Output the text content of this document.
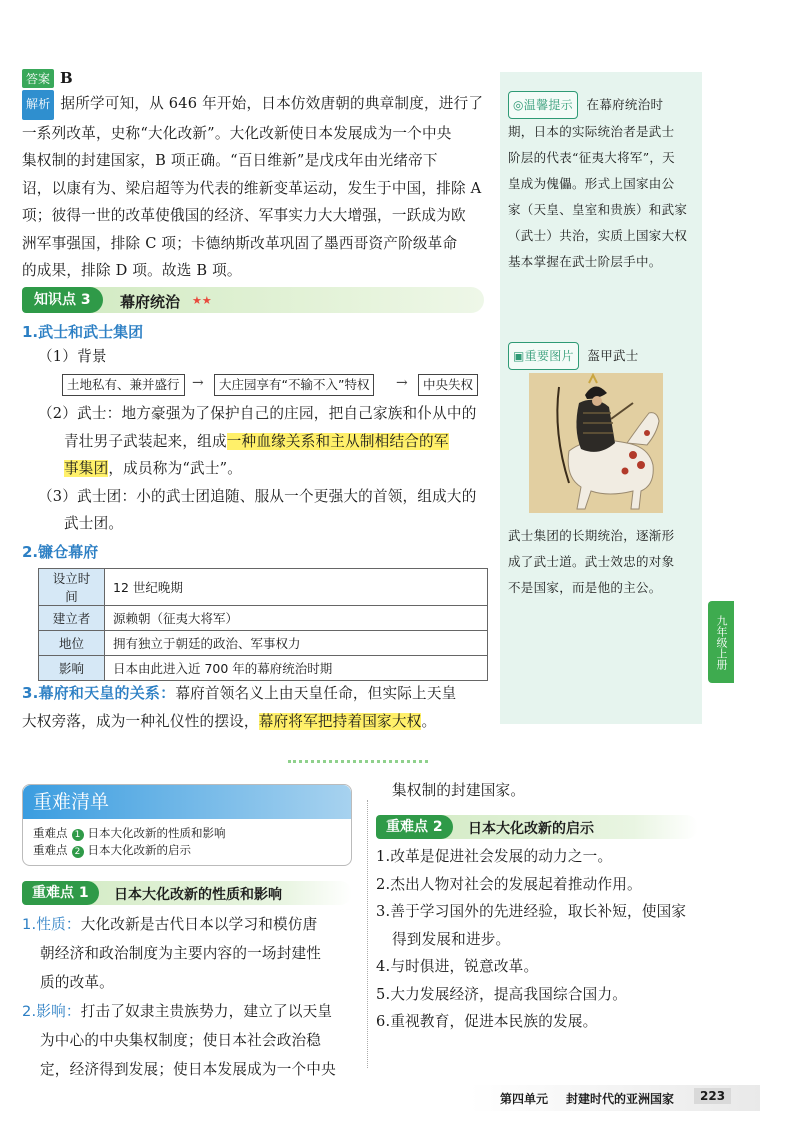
答案 B
解析 据所学可知，从 646 年开始，日本仿效唐朝的典章制度，进行了
一系列改革，史称“大化改新”。大化改新使日本发展成为一个中央
集权制的封建国家，B 项正确。“百日维新”是戊戌年由光绪帝下
诏，以康有为、梁启超等为代表的维新变革运动，发生于中国，排除 A
项；彼得一世的改革使俄国的经济、军事实力大大增强，一跃成为欧
洲军事强国，排除 C 项；卡德纳斯改革巩固了墨西哥资产阶级革命
的成果，排除 D 项。故选 B 项。
知识点 3	幕府统治 ★★
1.武士和武士集团
（1）背景
土地私有、兼并盛行 →	大庄园享有“不输不入”特权	→	中央失权
（2）武士：地方豪强为了保护自己的庄园，把自己家族和仆从中的
青壮男子武装起来，组成一种血缘关系和主从制相结合的军
事集团，成员称为“武士”。
（3）武士团：小的武士团追随、服从一个更强大的首领，组成大的
武士团。
2.镰仓幕府
设立时间	12 世纪晚期
建立者	源赖朝（征夷大将军）
地位	拥有独立于朝廷的政治、军事权力
影响	日本由此进入近 700 年的幕府统治时期
3.幕府和天皇的关系：幕府首领名义上由天皇任命，但实际上天皇
大权旁落，成为一种礼仪性的摆设，幕府将军把持着国家大权。
◎温馨提示 在幕府统治时
期，日本的实际统治者是武士
阶层的代表“征夷大将军”，天
皇成为傀儡。形式上国家由公
家（天皇、皇室和贵族）和武家
（武士）共治，实质上国家大权
基本掌握在武士阶层手中。
▣重要图片 盔甲武士
武士集团的长期统治，逐渐形
成了武士道。武士效忠的对象
不是国家，而是他的主公。
九年级上册
重难清单
重难点 1 日本大化改新的性质和影响
重难点 2 日本大化改新的启示
重难点 1	日本大化改新的性质和影响
1.性质：大化改新是古代日本以学习和模仿唐
朝经济和政治制度为主要内容的一场封建性
质的改革。
2.影响：打击了奴隶主贵族势力，建立了以天皇
为中心的中央集权制度；使日本社会政治稳
定，经济得到发展；使日本发展成为一个中央
集权制的封建国家。
重难点 2	日本大化改新的启示
1.改革是促进社会发展的动力之一。
2.杰出人物对社会的发展起着推动作用。
3.善于学习国外的先进经验，取长补短，使国家
得到发展和进步。
4.与时俱进，锐意改革。
5.大力发展经济，提高我国综合国力。
6.重视教育，促进本民族的发展。
第四单元 封建时代的亚洲国家	223
